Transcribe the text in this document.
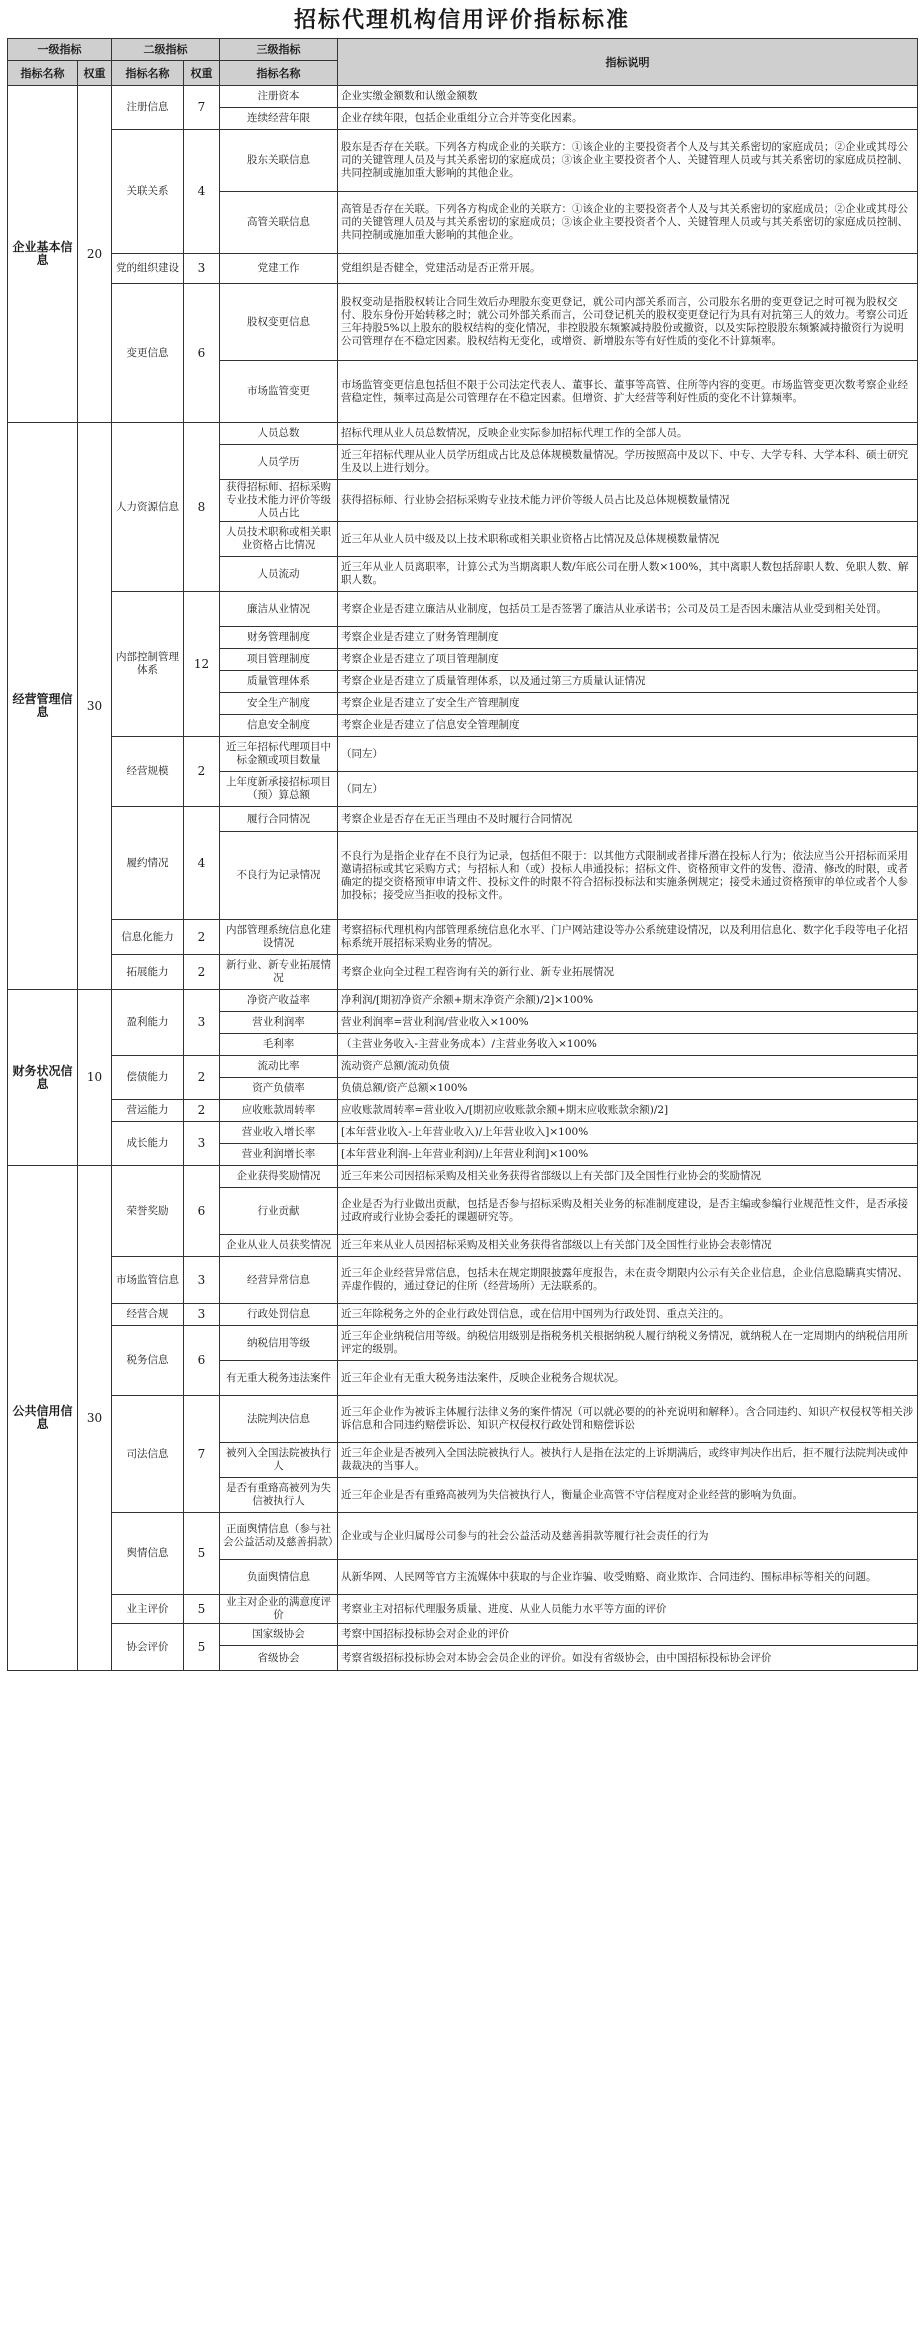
招标代理机构信用评价指标标准
一级指标		二级指标		三级指标	指标说明
指标名称	权重	指标名称	权重	指标名称	
企业基本信息	20	注册信息	7	注册资本	企业实缴金额数和认缴金额数
				连续经营年限	企业存续年限，包括企业重组分立合并等变化因素。
		关联关系	4	股东关联信息	股东是否存在关联。下列各方构成企业的关联方：①该企业的主要投资者个人及与其关系密切的家庭成员；②企业或其母公司的关键管理人员及与其关系密切的家庭成员；③该企业主要投资者个人、关键管理人员或与其关系密切的家庭成员控制、共同控制或施加重大影响的其他企业。
				高管关联信息	高管是否存在关联。下列各方构成企业的关联方：①该企业的主要投资者个人及与其关系密切的家庭成员；②企业或其母公司的关键管理人员及与其关系密切的家庭成员；③该企业主要投资者个人、关键管理人员或与其关系密切的家庭成员控制、共同控制或施加重大影响的其他企业。
		党的组织建设	3	党建工作	党组织是否健全，党建活动是否正常开展。
		变更信息	6	股权变更信息	股权变动是指股权转让合同生效后办理股东变更登记，就公司内部关系而言，公司股东名册的变更登记之时可视为股权交付、股东身份开始转移之时；就公司外部关系而言，公司登记机关的股权变更登记行为具有对抗第三人的效力。考察公司近三年持股5%以上股东的股权结构的变化情况，非控股股东频繁减持股份或撤资，以及实际控股股东频繁减持撤资行为说明公司管理存在不稳定因素。股权结构无变化，或增资、新增股东等有好性质的变化不计算频率。
				市场监管变更	市场监管变更信息包括但不限于公司法定代表人、董事长、董事等高管、住所等内容的变更。市场监管变更次数考察企业经营稳定性，频率过高是公司管理存在不稳定因素。但增资、扩大经营等利好性质的变化不计算频率。
经营管理信息	30	人力资源信息	8	人员总数	招标代理从业人员总数情况，反映企业实际参加招标代理工作的全部人员。
				人员学历	近三年招标代理从业人员学历组成占比及总体规模数量情况。学历按照高中及以下、中专、大学专科、大学本科、硕士研究生及以上进行划分。
				获得招标师、招标采购专业技术能力评价等级人员占比	获得招标师、行业协会招标采购专业技术能力评价等级人员占比及总体规模数量情况
				人员技术职称或相关职业资格占比情况	近三年从业人员中级及以上技术职称或相关职业资格占比情况及总体规模数量情况
				人员流动	近三年从业人员离职率，计算公式为当期离职人数/年底公司在册人数×100%，其中离职人数包括辞职人数、免职人数、解职人数。
		内部控制管理体系	12	廉洁从业情况	考察企业是否建立廉洁从业制度，包括员工是否签署了廉洁从业承诺书；公司及员工是否因未廉洁从业受到相关处罚。
				财务管理制度	考察企业是否建立了财务管理制度
				项目管理制度	考察企业是否建立了项目管理制度
				质量管理体系	考察企业是否建立了质量管理体系，以及通过第三方质量认证情况
				安全生产制度	考察企业是否建立了安全生产管理制度
				信息安全制度	考察企业是否建立了信息安全管理制度
		经营规模	2	近三年招标代理项目中标金额或项目数量	（同左）
				上年度新承接招标项目（预）算总额	（同左）
		履约情况	4	履行合同情况	考察企业是否存在无正当理由不及时履行合同情况
				不良行为记录情况	不良行为是指企业存在不良行为记录，包括但不限于：以其他方式限制或者排斥潜在投标人行为；依法应当公开招标而采用邀请招标或其它采购方式；与招标人和（或）投标人串通投标；招标文件、资格预审文件的发售、澄清、修改的时限，或者确定的提交资格预审申请文件、投标文件的时限不符合招标投标法和实施条例规定；接受未通过资格预审的单位或者个人参加投标；接受应当拒收的投标文件。
		信息化能力	2	内部管理系统信息化建设情况	考察招标代理机构内部管理系统信息化水平、门户网站建设等办公系统建设情况，以及利用信息化、数字化手段等电子化招标系统开展招标采购业务的情况。
		拓展能力	2	新行业、新专业拓展情况	考察企业向全过程工程咨询有关的新行业、新专业拓展情况
财务状况信息	10	盈利能力	3	净资产收益率	净利润/[期初净资产余额+期末净资产余额)/2]×100%
				营业利润率	营业利润率=营业利润/营业收入×100%
				毛利率	（主营业务收入-主营业务成本）/主营业务收入×100%
		偿债能力	2	流动比率	流动资产总额/流动负债
				资产负债率	负债总额/资产总额×100%
		营运能力	2	应收账款周转率	应收账款周转率=营业收入/[期初应收账款余额+期末应收账款余额)/2]
		成长能力	3	营业收入增长率	[本年营业收入-上年营业收入)/上年营业收入]×100%
				营业利润增长率	[本年营业利润-上年营业利润)/上年营业利润]×100%
公共信用信息	30	荣誉奖励	6	企业获得奖励情况	近三年来公司因招标采购及相关业务获得省部级以上有关部门及全国性行业协会的奖励情况
				行业贡献	企业是否为行业做出贡献，包括是否参与招标采购及相关业务的标准制度建设，是否主编或参编行业规范性文件，是否承接过政府或行业协会委托的课题研究等。
				企业从业人员获奖情况	近三年来从业人员因招标采购及相关业务获得省部级以上有关部门及全国性行业协会表彰情况
		市场监管信息	3	经营异常信息	近三年企业经营异常信息，包括未在规定期限披露年度报告，未在责令期限内公示有关企业信息，企业信息隐瞒真实情况、弄虚作假的，通过登记的住所（经营场所）无法联系的。
		经营合规	3	行政处罚信息	近三年除税务之外的企业行政处罚信息，或在信用中国列为行政处罚、重点关注的。
		税务信息	6	纳税信用等级	近三年企业纳税信用等级。纳税信用级别是指税务机关根据纳税人履行纳税义务情况，就纳税人在一定周期内的纳税信用所评定的级别。
				有无重大税务违法案件	近三年企业有无重大税务违法案件，反映企业税务合规状况。
		司法信息	7	法院判决信息	近三年企业作为被诉主体履行法律义务的案件情况（可以就必要的的补充说明和解释）。含合同违约、知识产权侵权等相关涉诉信息和合同违约赔偿诉讼、知识产权侵权行政处罚和赔偿诉讼
				被列入全国法院被执行人	近三年企业是否被列入全国法院被执行人。被执行人是指在法定的上诉期满后，或终审判决作出后，拒不履行法院判决或仲裁裁决的当事人。
				是否有重臵高被列为失信被执行人	近三年企业是否有重臵高被列为失信被执行人，衡量企业高管不守信程度对企业经营的影响为负面。
		舆情信息	5	正面舆情信息（参与社会公益活动及慈善捐款）	企业或与企业归属母公司参与的社会公益活动及慈善捐款等履行社会责任的行为
				负面舆情信息	从新华网、人民网等官方主流媒体中获取的与企业诈骗、收受贿赂、商业欺诈、合同违约、围标串标等相关的问题。
		业主评价	5	业主对企业的满意度评价	考察业主对招标代理服务质量、进度、从业人员能力水平等方面的评价
		协会评价	5	国家级协会	考察中国招标投标协会对企业的评价
				省级协会	考察省级招标投标协会对本协会会员企业的评价。如没有省级协会，由中国招标投标协会评价
